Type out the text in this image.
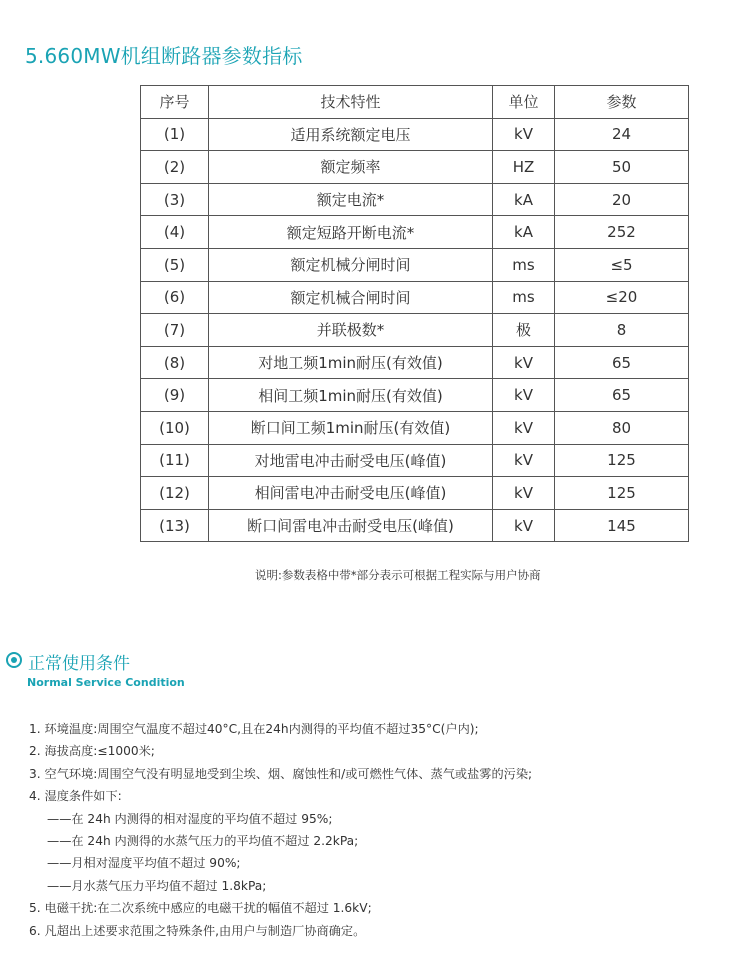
5.660MW机组断路器参数指标
序号	技术特性	单位	参数
(1)	适用系统额定电压	kV	24
(2)	额定频率	HZ	50
(3)	额定电流*	kA	20
(4)	额定短路开断电流*	kA	252
(5)	额定机械分闸时间	ms	≤5
(6)	额定机械合闸时间	ms	≤20
(7)	并联极数*	极	8
(8)	对地工频1min耐压(有效值)	kV	65
(9)	相间工频1min耐压(有效值)	kV	65
(10)	断口间工频1min耐压(有效值)	kV	80
(11)	对地雷电冲击耐受电压(峰值)	kV	125
(12)	相间雷电冲击耐受电压(峰值)	kV	125
(13)	断口间雷电冲击耐受电压(峰值)	kV	145
说明:参数表格中带*部分表示可根据工程实际与用户协商
正常使用条件
Normal Service Condition
1. 环境温度:周围空气温度不超过40°C,且在24h内测得的平均值不超过35°C(户内);
2. 海拔高度:≤1000米;
3. 空气环境:周围空气没有明显地受到尘埃、烟、腐蚀性和/或可燃性气体、蒸气或盐雾的污染;
4. 湿度条件如下:
——在 24h 内测得的相对湿度的平均值不超过 95%;
——在 24h 内测得的水蒸气压力的平均值不超过 2.2kPa;
——月相对湿度平均值不超过 90%;
——月水蒸气压力平均值不超过 1.8kPa;
5. 电磁干扰:在二次系统中感应的电磁干扰的幅值不超过 1.6kV;
6. 凡超出上述要求范围之特殊条件,由用户与制造厂协商确定。
